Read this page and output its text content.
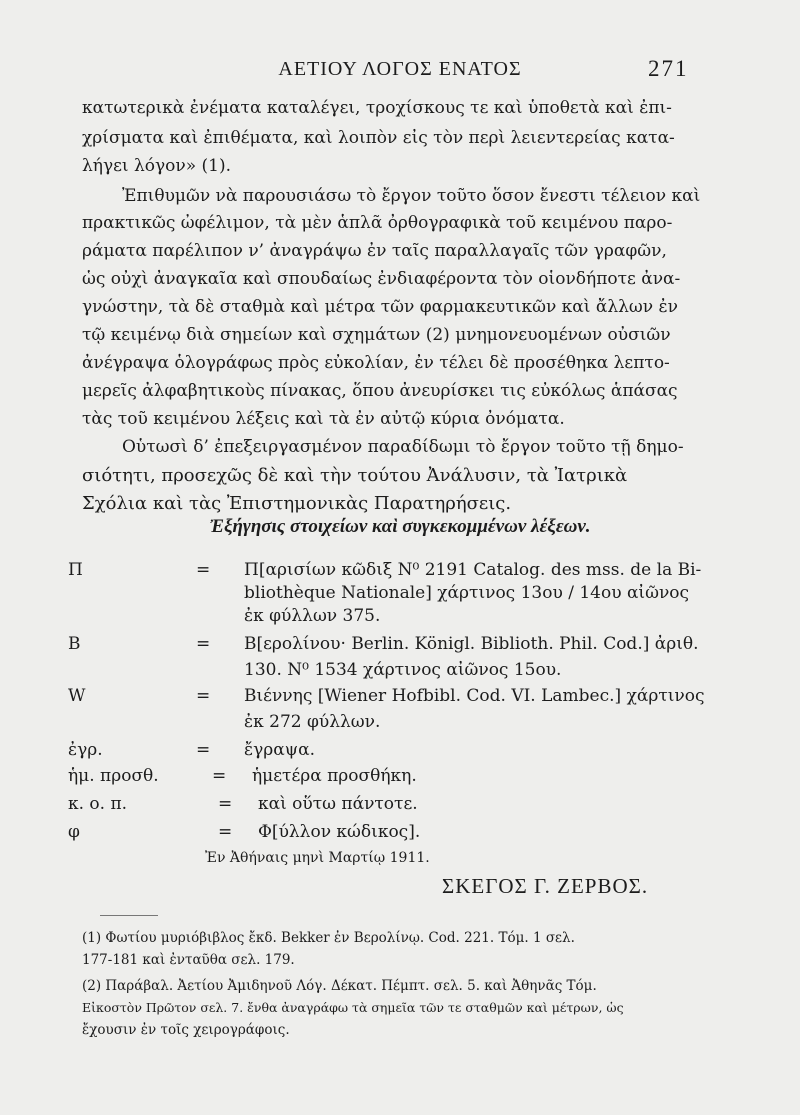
ΑΕΤΙΟΥ ΛΟΓΟΣ ΕΝΑΤΟΣ	271
κατωτερικὰ ἐνέματα καταλέγει, τροχίσκους τε καὶ ὑποθετὰ καὶ ἐπι-
χρίσματα καὶ ἐπιθέματα, καὶ λοιπὸν εἰς τὸν περὶ λειεντερείας κατα-
λήγει λόγον» (1).
Ἐπιθυμῶν νὰ παρουσιάσω τὸ ἔργον τοῦτο ὅσον ἔνεστι τέλειον καὶ
πρακτικῶς ὠφέλιμον, τὰ μὲν ἁπλᾶ ὀρθογραφικὰ τοῦ κειμένου παρο-
ράματα παρέλιπον ν’ ἀναγράψω ἐν ταῖς παραλλαγαῖς τῶν γραφῶν,
ὡς οὐχὶ ἀναγκαῖα καὶ σπουδαίως ἐνδιαφέροντα τὸν οἱονδήποτε ἀνα-
γνώστην, τὰ δὲ σταθμὰ καὶ μέτρα τῶν φαρμακευτικῶν καὶ ἄλλων ἐν
τῷ κειμένῳ διὰ σημείων καὶ σχημάτων (2) μνημονευομένων οὐσιῶν
ἀνέγραψα ὁλογράφως πρὸς εὐκολίαν, ἐν τέλει δὲ προσέθηκα λεπτο-
μερεῖς ἀλφαβητικοὺς πίνακας, ὅπου ἀνευρίσκει τις εὐκόλως ἁπάσας
τὰς τοῦ κειμένου λέξεις καὶ τὰ ἐν αὐτῷ κύρια ὀνόματα.
Οὑτωσὶ δ’ ἐπεξειργασμένον παραδίδωμι τὸ ἔργον τοῦτο τῇ δημο-
σιότητι, προσεχῶς δὲ καὶ τὴν τούτου Ἀνάλυσιν, τὰ Ἰατρικὰ
Σχόλια καὶ τὰς Ἐπιστημονικὰς Παρατηρήσεις.
Ἐξήγησις στοιχείων καὶ συγκεκομμένων λέξεων.
Π	= Π[αρισίων κῶδιξ N⁰ 2191 Catalog. des mss. de la Bi-
bliothèque Nationale] χάρτινος 13ου / 14ου αἰῶνος
ἐκ φύλλων 375.
B	= B[ερολίνου· Berlin. Königl. Biblioth. Phil. Cod.] ἀριθ.
130. N⁰ 1534 χάρτινος αἰῶνος 15ου.
W	= Βιέννης [Wiener Hofbibl. Cod. VI. Lambec.] χάρτινος
ἐκ 272 φύλλων.
ἐγρ.	= ἔγραψα.
ἡμ. προσθ.	= ἡμετέρα προσθήκη.
κ. ο. π.	= καὶ οὕτω πάντοτε.
φ	= Φ[ύλλον κώδικος].
Ἐν Ἀθήναις μηνὶ Μαρτίῳ 1911.
ΣΚΕΓΟΣ Γ. ΖΕΡΒΟΣ.
(1) Φωτίου μυριόβιβλος ἔκδ. Bekker ἐν Βερολίνῳ. Cod. 221. Τόμ. 1 σελ.
177-181 καὶ ἐνταῦθα σελ. 179.
(2) Παράβαλ. Ἀετίου Ἀμιδηνοῦ Λόγ. Δέκατ. Πέμπτ. σελ. 5. καὶ Ἀθηνᾶς Τόμ.
Εἰκοστὸν Πρῶτον σελ. 7. ἔνθα ἀναγράφω τὰ σημεῖα τῶν τε σταθμῶν καὶ μέτρων, ὡς
ἔχουσιν ἐν τοῖς χειρογράφοις.
